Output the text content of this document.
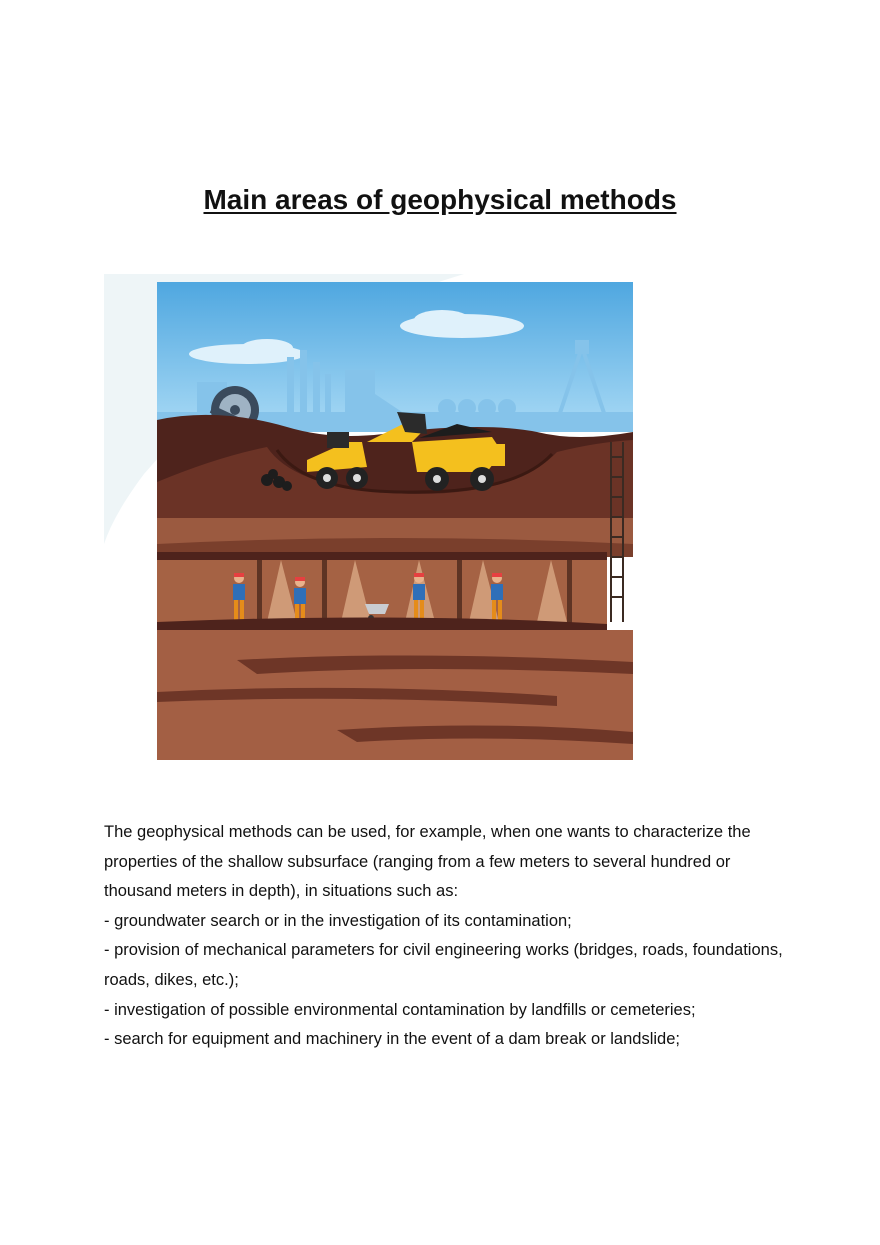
Main areas of geophysical methods

The geophysical methods can be used, for example, when one wants to characterize the properties of the shallow subsurface (ranging from a few meters to several hundred or thousand meters in depth), in situations such as:

- groundwater search or in the investigation of its contamination;

- provision of mechanical parameters for civil engineering works (bridges, roads, foundations, roads, dikes, etc.);

- investigation of possible environmental contamination by landfills or cemeteries;

- search for equipment and machinery in the event of a dam break or landslide;
